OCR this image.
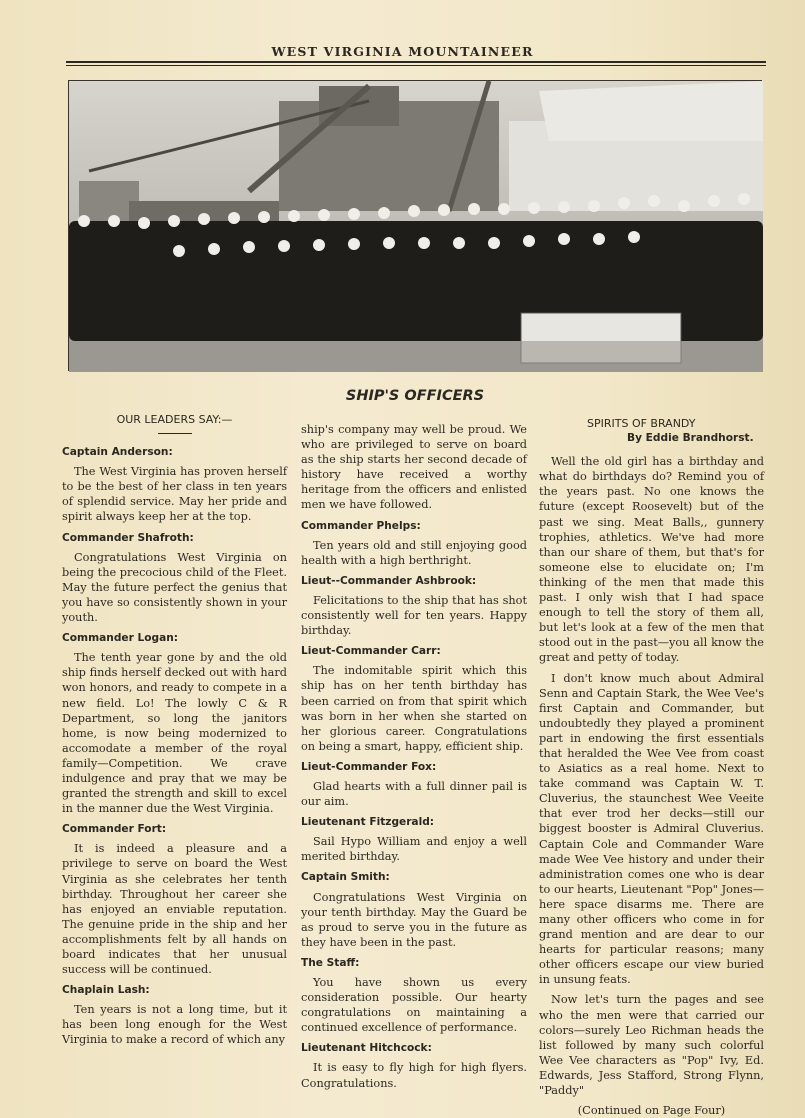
WEST VIRGINIA MOUNTAINEER
SHIP'S OFFICERS
OUR LEADERS SAY:—
Captain Anderson:

The West Virginia has proven herself to be the best of her class in ten years of splendid service. May her pride and spirit always keep her at the top.

Commander Shafroth:

Congratulations West Virginia on being the precocious child of the Fleet. May the future perfect the genius that you have so consistently shown in your youth.

Commander Logan:

The tenth year gone by and the old ship finds herself decked out with hard won honors, and ready to compete in a new field. Lo! The lowly C & R Department, so long the janitors home, is now being modernized to accomodate a member of the royal family—Competition. We crave indulgence and pray that we may be granted the strength and skill to excel in the manner due the West Virginia.

Commander Fort:

It is indeed a pleasure and a privilege to serve on board the West Virginia as she celebrates her tenth birthday. Throughout her career she has enjoyed an enviable reputation. The genuine pride in the ship and her accomplishments felt by all hands on board indicates that her unusual success will be continued.

Chaplain Lash:

Ten years is not a long time, but it has been long enough for the West Virginia to make a record of which any

ship's company may well be proud. We who are privileged to serve on board as the ship starts her second decade of history have received a worthy heritage from the officers and enlisted men we have followed.

Commander Phelps:

Ten years old and still enjoying good health with a high berthright.

Lieut--Commander Ashbrook:

Felicitations to the ship that has shot consistently well for ten years. Happy birthday.

Lieut-Commander Carr:

The indomitable spirit which this ship has on her tenth birthday has been carried on from that spirit which was born in her when she started on her glorious career. Congratulations on being a smart, happy, efficient ship.

Lieut-Commander Fox:

Glad hearts with a full dinner pail is our aim.

Lieutenant Fitzgerald:

Sail Hypo William and enjoy a well merited birthday.

Captain Smith:

Congratulations West Virginia on your tenth birthday. May the Guard be as proud to serve you in the future as they have been in the past.

The Staff:

You have shown us every consideration possible. Our hearty congratulations on maintaining a continued excellence of performance.

Lieutenant Hitchcock:

It is easy to fly high for high flyers. Congratulations.

SPIRITS OF BRANDY
By Eddie Brandhorst.

Well the old girl has a birthday and what do birthdays do? Remind you of the years past. No one knows the future (except Roosevelt) but of the past we sing. Meat Balls,, gunnery trophies, athletics. We've had more than our share of them, but that's for someone else to elucidate on; I'm thinking of the men that made this past. I only wish that I had space enough to tell the story of them all, but let's look at a few of the men that stood out in the past—you all know the great and petty of today.

I don't know much about Admiral Senn and Captain Stark, the Wee Vee's first Captain and Commander, but undoubtedly they played a prominent part in endowing the first essentials that heralded the Wee Vee from coast to Asiatics as a real home. Next to take command was Captain W. T. Cluverius, the staunchest Wee Veeite that ever trod her decks—still our biggest booster is Admiral Cluverius. Captain Cole and Commander Ware made Wee Vee history and under their administration comes one who is dear to our hearts, Lieutenant "Pop" Jones—here space disarms me. There are many other officers who come in for grand mention and are dear to our hearts for particular reasons; many other officers escape our view buried in unsung feats.

Now let's turn the pages and see who the men were that carried our colors—surely Leo Richman heads the list followed by many such colorful Wee Vee characters as "Pop" Ivy, Ed. Edwards, Jess Stafford, Strong Flynn, "Paddy"

(Continued on Page Four)
